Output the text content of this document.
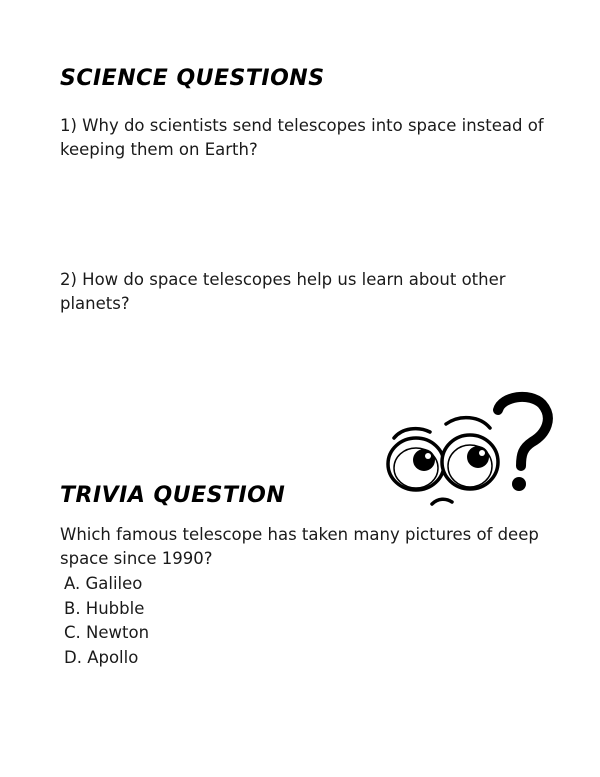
SCIENCE QUESTIONS

1) Why do scientists send telescopes into space instead of keeping them on Earth?

2) How do space telescopes help us learn about other planets?

TRIVIA QUESTION

Which famous telescope has taken many pictures of deep space since 1990?

A. Galileo
B. Hubble
C. Newton
D. Apollo
